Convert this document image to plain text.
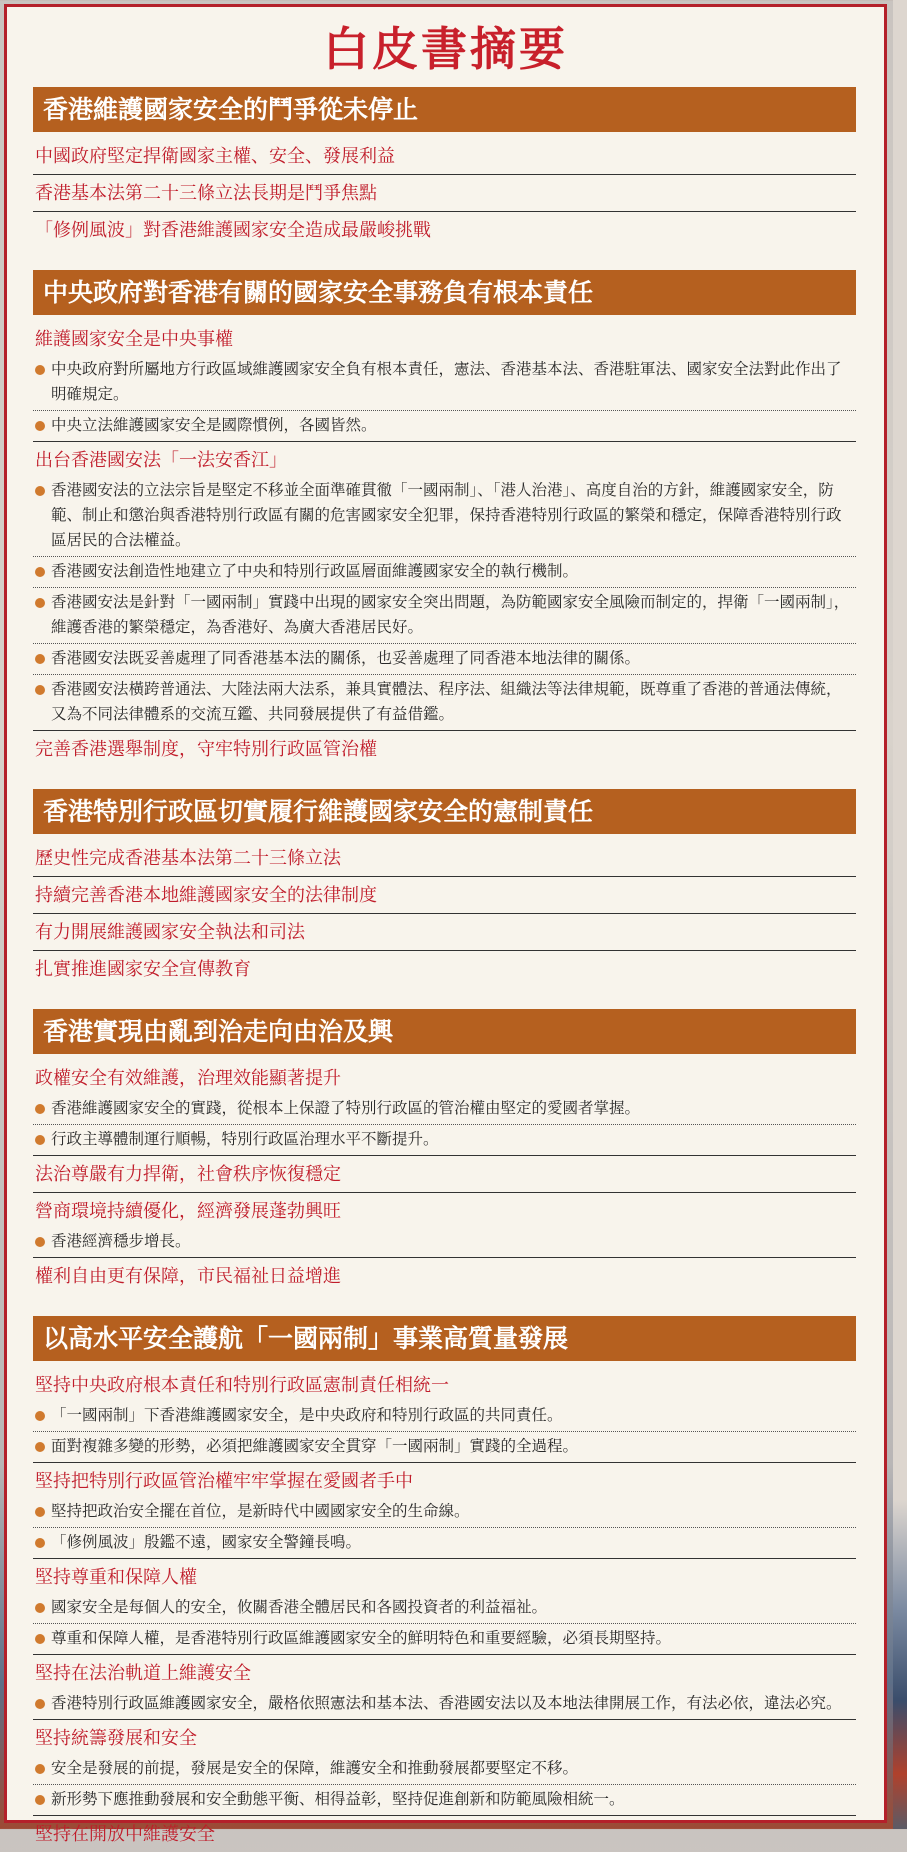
白皮書摘要
香港維護國家安全的鬥爭從未停止
中國政府堅定捍衛國家主權、安全、發展利益
香港基本法第二十三條立法長期是鬥爭焦點
「修例風波」對香港維護國家安全造成最嚴峻挑戰
中央政府對香港有關的國家安全事務負有根本責任
維護國家安全是中央事權
中央政府對所屬地方行政區域維護國家安全負有根本責任，憲法、香港基本法、香港駐軍法、國家安全法對此作出了明確規定。
中央立法維護國家安全是國際慣例，各國皆然。
出台香港國安法「一法安香江」
香港國安法的立法宗旨是堅定不移並全面準確貫徹「一國兩制」、「港人治港」、高度自治的方針，維護國家安全，防範、制止和懲治與香港特別行政區有關的危害國家安全犯罪，保持香港特別行政區的繁榮和穩定，保障香港特別行政區居民的合法權益。
香港國安法創造性地建立了中央和特別行政區層面維護國家安全的執行機制。
香港國安法是針對「一國兩制」實踐中出現的國家安全突出問題，為防範國家安全風險而制定的，捍衛「一國兩制」，維護香港的繁榮穩定，為香港好、為廣大香港居民好。
香港國安法既妥善處理了同香港基本法的關係，也妥善處理了同香港本地法律的關係。
香港國安法橫跨普通法、大陸法兩大法系，兼具實體法、程序法、組織法等法律規範，既尊重了香港的普通法傳統，又為不同法律體系的交流互鑑、共同發展提供了有益借鑑。
完善香港選舉制度，守牢特別行政區管治權
香港特別行政區切實履行維護國家安全的憲制責任
歷史性完成香港基本法第二十三條立法
持續完善香港本地維護國家安全的法律制度
有力開展維護國家安全執法和司法
扎實推進國家安全宣傳教育
香港實現由亂到治走向由治及興
政權安全有效維護，治理效能顯著提升
香港維護國家安全的實踐，從根本上保證了特別行政區的管治權由堅定的愛國者掌握。
行政主導體制運行順暢，特別行政區治理水平不斷提升。
法治尊嚴有力捍衛，社會秩序恢復穩定
營商環境持續優化，經濟發展蓬勃興旺
香港經濟穩步增長。
權利自由更有保障，市民福祉日益增進
以高水平安全護航「一國兩制」事業高質量發展
堅持中央政府根本責任和特別行政區憲制責任相統一
「一國兩制」下香港維護國家安全，是中央政府和特別行政區的共同責任。
面對複雜多變的形勢，必須把維護國家安全貫穿「一國兩制」實踐的全過程。
堅持把特別行政區管治權牢牢掌握在愛國者手中
堅持把政治安全擺在首位，是新時代中國國家安全的生命線。
「修例風波」殷鑑不遠，國家安全警鐘長鳴。
堅持尊重和保障人權
國家安全是每個人的安全，攸關香港全體居民和各國投資者的利益福祉。
尊重和保障人權，是香港特別行政區維護國家安全的鮮明特色和重要經驗，必須長期堅持。
堅持在法治軌道上維護安全
香港特別行政區維護國家安全，嚴格依照憲法和基本法、香港國安法以及本地法律開展工作，有法必依，違法必究。
堅持統籌發展和安全
安全是發展的前提，發展是安全的保障，維護安全和推動發展都要堅定不移。
新形勢下應推動發展和安全動態平衡、相得益彰，堅持促進創新和防範風險相統一。
堅持在開放中維護安全
